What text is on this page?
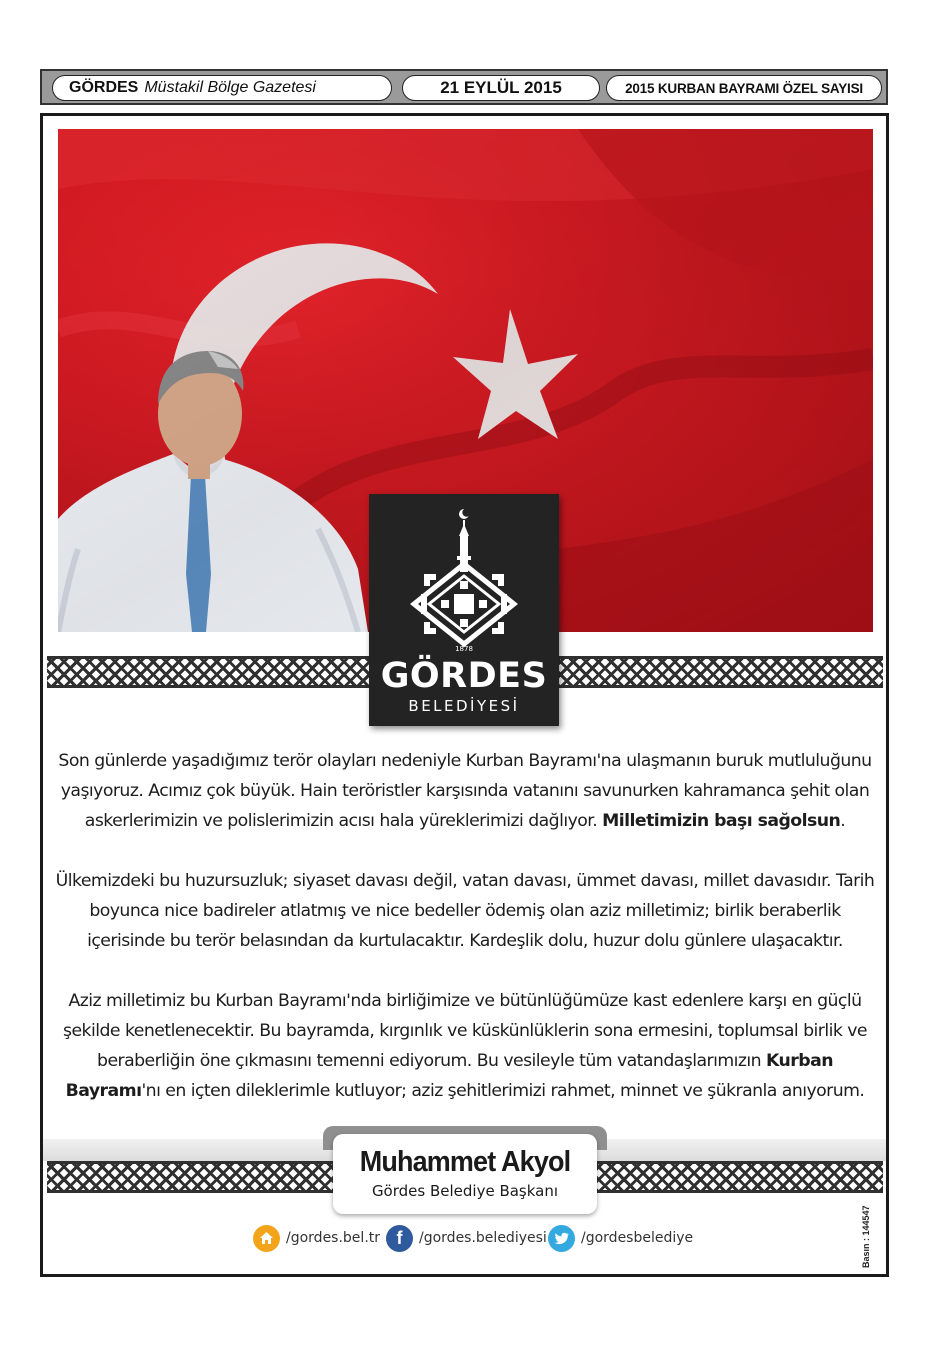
GÖRDES Müstakil Bölge Gazetesi	21 EYLÜL 2015	2015 KURBAN BAYRAMI ÖZEL SAYISI
1878
GÖRDES
BELEDİYESİ

Son günlerde yaşadığımız terör olayları nedeniyle Kurban Bayramı'na ulaşmanın buruk mutluluğunu yaşıyoruz. Acımız çok büyük. Hain teröristler karşısında vatanını savunurken kahramanca şehit olan askerlerimizin ve polislerimizin acısı hala yüreklerimizi dağlıyor. Milletimizin başı sağolsun.

Ülkemizdeki bu huzursuzluk; siyaset davası değil, vatan davası, ümmet davası, millet davasıdır. Tarih boyunca nice badireler atlatmış ve nice bedeller ödemiş olan aziz milletimiz; birlik beraberlik içerisinde bu terör belasından da kurtulacaktır. Kardeşlik dolu, huzur dolu günlere ulaşacaktır.

Aziz milletimiz bu Kurban Bayramı'nda birliğimize ve bütünlüğümüze kast edenlere karşı en güçlü şekilde kenetlenecektir. Bu bayramda, kırgınlık ve küskünlüklerin sona ermesini, toplumsal birlik ve beraberliğin öne çıkmasını temenni ediyorum. Bu vesileyle tüm vatandaşlarımızın Kurban Bayramı'nı en içten dileklerimle kutluyor; aziz şehitlerimizi rahmet, minnet ve şükranla anıyorum.

Muhammet Akyol
Gördes Belediye Başkanı
/gordes.bel.tr f	/gordes.belediyesi /gordesbelediye	Basın : 144547
